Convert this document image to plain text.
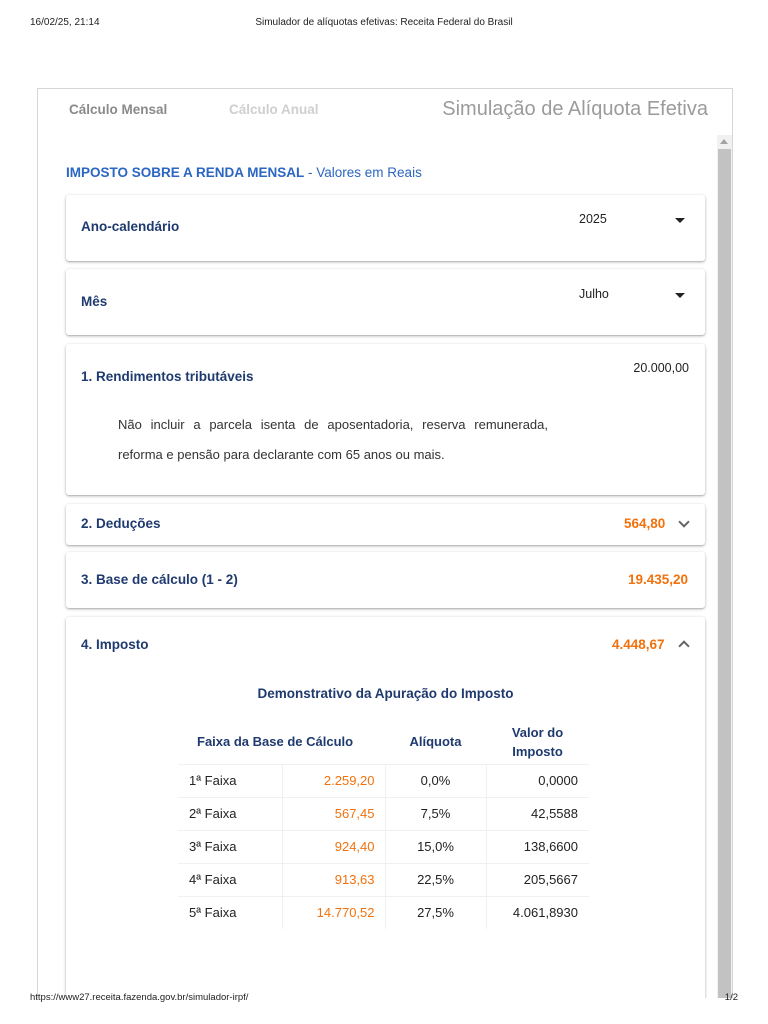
16/02/25, 21:14	Simulador de alíquotas efetivas: Receita Federal do Brasil
Cálculo Mensal	Cálculo Anual	Simulação de Alíquota Efetiva
IMPOSTO SOBRE A RENDA MENSAL - Valores em Reais
Ano-calendário	2025
Mês	Julho
1. Rendimentos tributáveis
20.000,00

Não incluir a parcela isenta de aposentadoria, reserva remunerada, reforma e pensão para declarante com 65 anos ou mais.

2. Deduções	564,80
3. Base de cálculo (1 - 2)	19.435,20
4. Imposto	4.448,67
Demonstrativo da Apuração do Imposto
Faixa da Base de Cálculo		Alíquota	Valor do Imposto
1ª Faixa	2.259,20	0,0%	0,0000
2ª Faixa	567,45	7,5%	42,5588
3ª Faixa	924,40	15,0%	138,6600
4ª Faixa	913,63	22,5%	205,5667
5ª Faixa	14.770,52	27,5%	4.061,8930
https://www27.receita.fazenda.gov.br/simulador-irpf/	1/2
